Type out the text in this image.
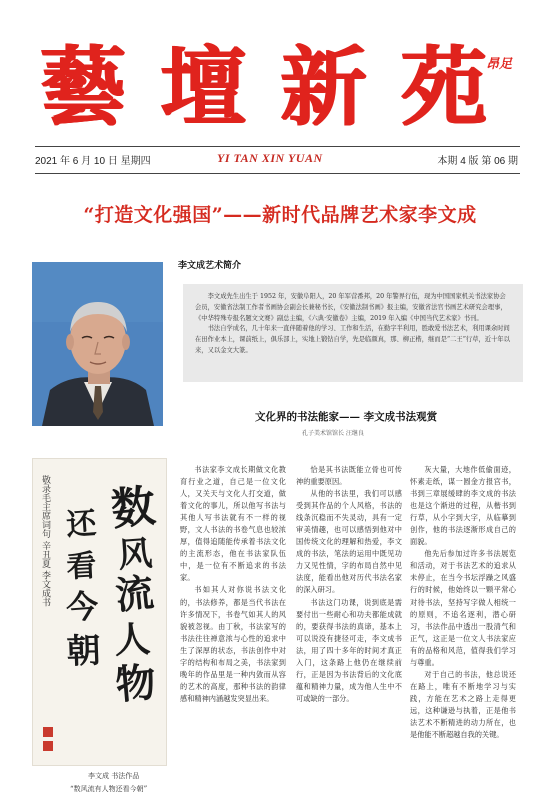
藝 壇 新 苑 昂足
2021 年 6 月 10 日 星期四	YI TAN XIN YUAN	本期 4 版 第 06 期
“打造文化强国”——新时代品牌艺术家李文成
李文成艺术简介

李文成先生出生于 1952 年，安徽阜阳人，20 年军营番邦，20 年警界行伍，现为中国国家机关书法家协会会员，安徽省法制工作者书画协会副会长兼秘书长，《安徽法制书画》报主编，安徽省法官书画艺术研究会理事，《中华特殊专报名题文文赛》副总主编，《六典·安徽卷》主编，2019 年入编《中国当代艺术家》书刊。

书法自学成名，几十年来一直伴随着他的学习、工作和生活，在勤字半利用，胜敢爱书法艺术，利用课余时间在田作业本上，课前纸上，俱乐部上，实地上锻钻自学，先是临颜真，那、柳正楷，继而是“二王”行草，近十年以来，又以金文大篆。

文化界的书法能家—— 李文成书法观赏
孔子美术馆馆长 汪继良
数
风
流
人
物
还
看
今
朝
敬录毛主席词句 辛丑夏 李文成书
李文成 书法作品
“数风流有人物还看今朝”

书法家李文成长期做文化教育行业之道，自己是一位文化人，又关天与文化人打交道，做着文化的事儿，所以他写书法与其他人写书法就有不一样的视野，文人书法的书卷气息也较浓厚，值得追随能传承着书法文化的主流形态，他在书法家队伍中，是一位有不断追求的书法家。

书如其人对你说书法文化的，书法修养，都是当代书法在许多情况下，书卷气如其人的风貌被忽视。由丁秋，书法家写的书法往往禅意浓与心性的追求中生了深厚的状态，书法创作中对字的结构和布局之美，书法家到晚年的作品里是一种内敛而从容的艺术的高度，那种书法的韵律感和精神内涵越发突显出来。

恰是其书法既能立骨也可传神的重要原因。

从他的书法里，我们可以感受到其作品的个人风格，书法的线条沉稳而不失灵动，具有一定审美情趣，也可以感悟到他对中国传统文化的理解和热爱，李文成的书法，笔法的运用中既见功力又见性情，字的布局自然中见法度，能看出他对历代书法名家的深入研习。

书法这门功课，说到底是需要付出一些耐心和功夫都能成就的，要获得书法的真谛，基本上可以说没有捷径可走，李文成书法，用了四十多年的时间才真正入门，这条路上他仍在继续前行，正是因为书法背后的文化底蕴和精神力量，成为他人生中不可或缺的一部分。

灰大量，大地作低偷面迹，怀素走纸，谋一圆金方报宫书，书到三章展缓肆的李文成的书法也是这个渐进的过程，从楷书到行草，从小字到大字，从临摹到创作，他的书法逐渐形成自己的面貌。

他先后参加过许多书法展览和活动，对于书法艺术的追求从未停止，在当今书坛浮躁之风盛行的时候，他始终以一颗平常心对待书法，坚持写字做人相统一的原则，不追名逐利，潜心研习，书法作品中透出一股清气和正气，这正是一位文人书法家应有的品格和风范，值得我们学习与尊重。

对于自己的书法，他总说还在路上，唯有不断地学习与实践，方能在艺术之路上走得更远，这种谦逊与执着，正是他书法艺术不断精进的动力所在，也是他能不断超越自我的关键。
